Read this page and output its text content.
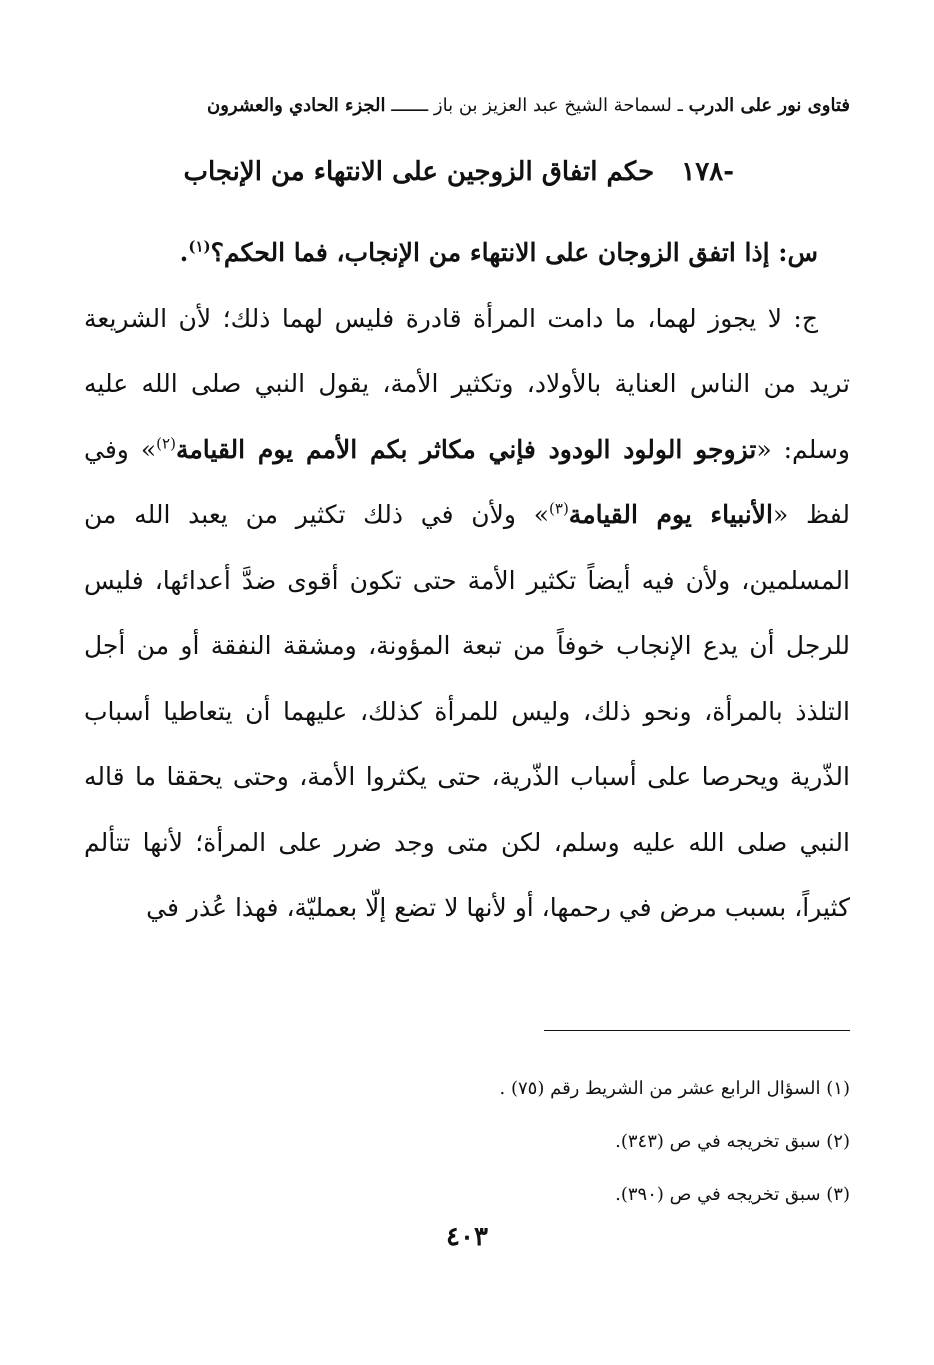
فتاوى نور على الدرب ـ لسماحة الشيخ عبد العزيز بن باز ـــــــ الجزء الحادي والعشرون
-١٧٨ حكم اتفاق الزوجين على الانتهاء من الإنجاب

س: إذا اتفق الزوجان على الانتهاء من الإنجاب، فما الحكم؟$^{(١)}$.

ج: لا يجوز لهما، ما دامت المرأة قادرة فليس لهما ذلك؛ لأن الشريعة تريد من الناس العناية بالأولاد، وتكثير الأمة، يقول النبي صلى الله عليه وسلم: «تزوجو الولود الودود فإني مكاثر بكم الأمم يوم القيامة$^{(٢)}$» وفي لفظ «الأنبياء يوم القيامة$^{(٣)}$» ولأن في ذلك تكثير من يعبد الله من المسلمين، ولأن فيه أيضاً تكثير الأمة حتى تكون أقوى ضدَّ أعدائها، فليس للرجل أن يدع الإنجاب خوفاً من تبعة المؤونة، ومشقة النفقة أو من أجل التلذذ بالمرأة، ونحو ذلك، وليس للمرأة كذلك، عليهما أن يتعاطيا أسباب الذّرية ويحرصا على أسباب الذّرية، حتى يكثروا الأمة، وحتى يحققا ما قاله النبي صلى الله عليه وسلم، لكن متى وجد ضرر على المرأة؛ لأنها تتألم كثيراً، بسبب مرض في رحمها، أو لأنها لا تضع إلّا بعمليّة، فهذا عُذر في

(١) السؤال الرابع عشر من الشريط رقم (٧٥) .
(٢) سبق تخريجه في ص (٣٤٣).
(٣) سبق تخريجه في ص (٣٩٠).
٤٠٣
